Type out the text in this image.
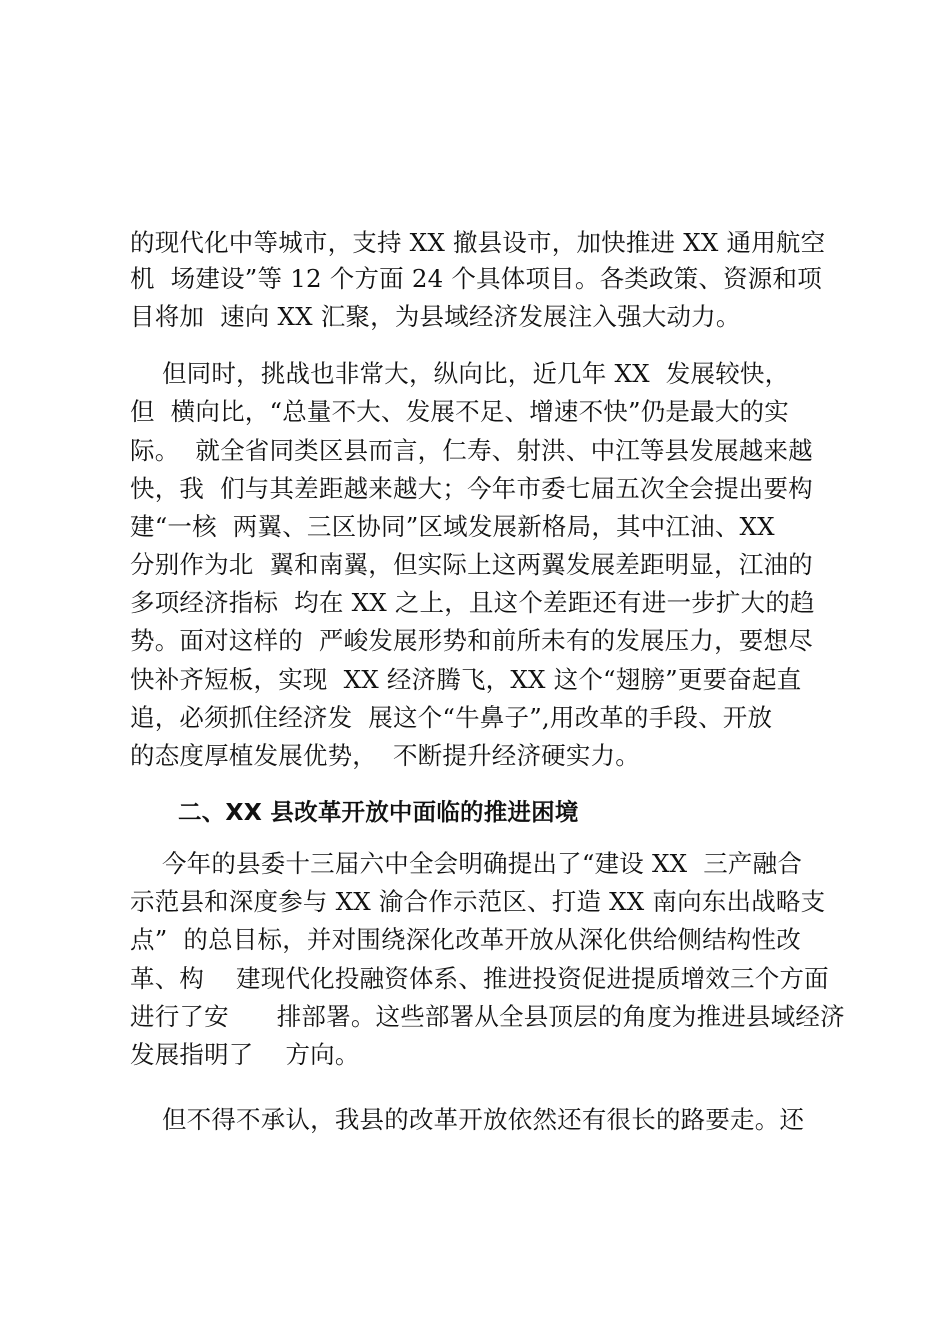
的现代化中等城市，支持 XX 撤县设市，加快推进 XX 通用航空
机  场建设”等 12 个方面 24 个具体项目。各类政策、资源和项
目将加  速向 XX 汇聚，为县域经济发展注入强大动力。
但同时，挑战也非常大，纵向比，近几年 XX  发展较快，
但  横向比，“总量不大、发展不足、增速不快”仍是最大的实
际。  就全省同类区县而言，仁寿、射洪、中江等县发展越来越
快，我  们与其差距越来越大；今年市委七届五次全会提出要构
建“一核  两翼、三区协同”区域发展新格局，其中江油、XX
分别作为北  翼和南翼，但实际上这两翼发展差距明显，江油的
多项经济指标  均在 XX 之上，且这个差距还有进一步扩大的趋
势。面对这样的  严峻发展形势和前所未有的发展压力，要想尽
快补齐短板，实现  XX 经济腾飞，XX 这个“翅膀”更要奋起直
追，必须抓住经济发  展这个“牛鼻子”,用改革的手段、开放
的态度厚植发展优势，  不断提升经济硬实力。
二、XX 县改革开放中面临的推进困境
今年的县委十三届六中全会明确提出了“建设 XX  三产融合
示范县和深度参与 XX 渝合作示范区、打造 XX 南向东出战略支
点”  的总目标，并对围绕深化改革开放从深化供给侧结构性改
革、构    建现代化投融资体系、推进投资促进提质增效三个方面
进行了安      排部署。这些部署从全县顶层的角度为推进县域经济
发展指明了    方向。
但不得不承认，我县的改革开放依然还有很长的路要走。还
